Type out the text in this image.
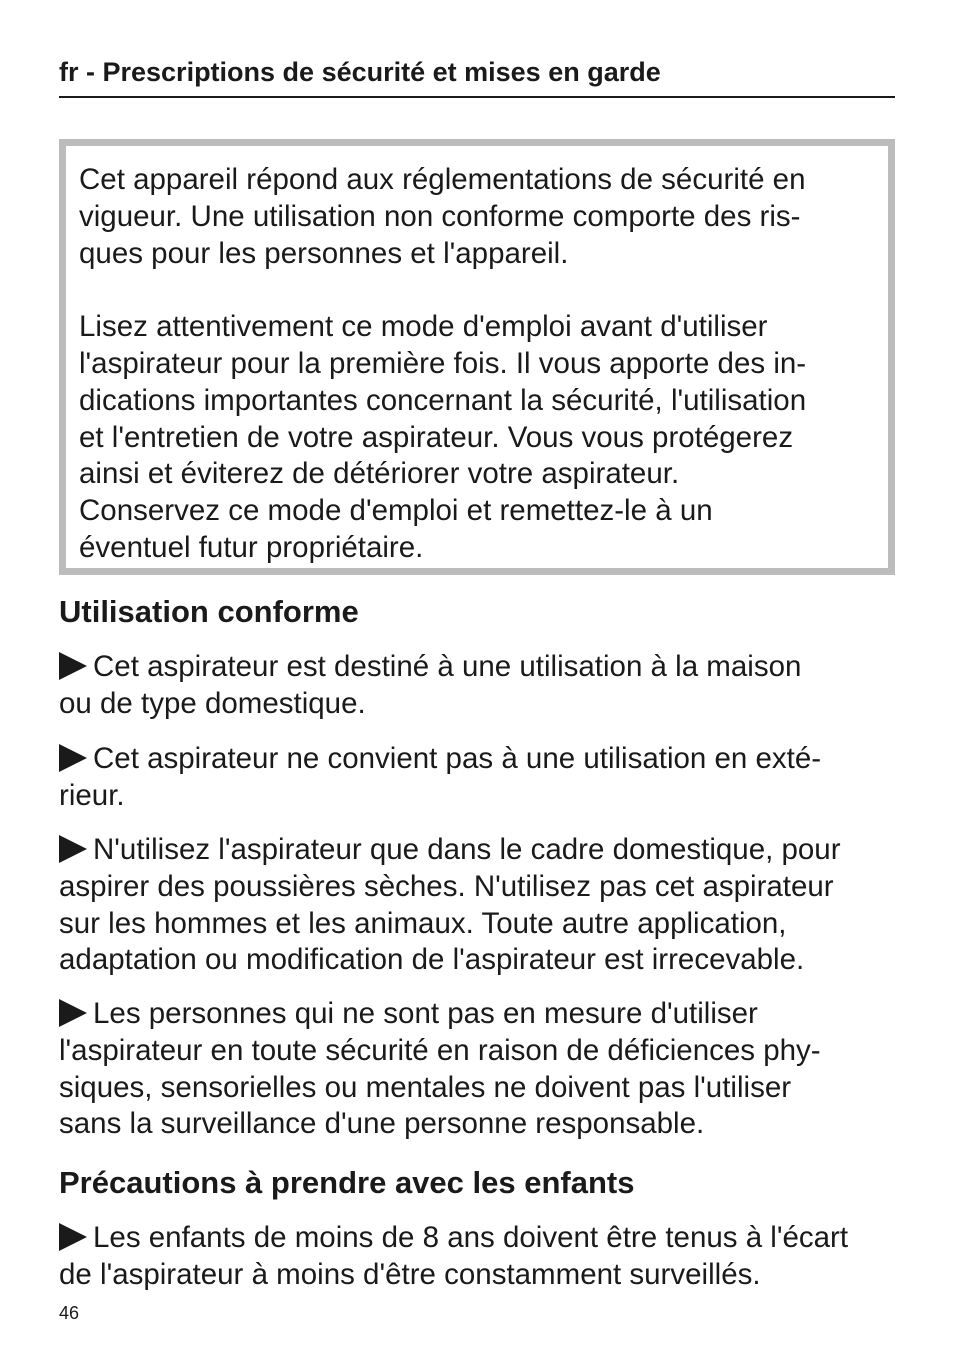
fr - Prescriptions de sécurité et mises en garde

Cet appareil répond aux réglementations de sécurité en
vigueur. Une utilisation non conforme comporte des ris-
ques pour les personnes et l'appareil.

Lisez attentivement ce mode d'emploi avant d'utiliser
l'aspirateur pour la première fois. Il vous apporte des in-
dications importantes concernant la sécurité, l'utilisation
et l'entretien de votre aspirateur. Vous vous protégerez
ainsi et éviterez de détériorer votre aspirateur.
Conservez ce mode d'emploi et remettez-le à un
éventuel futur propriétaire.

Utilisation conforme
Cet aspirateur est destiné à une utilisation à la maison
ou de type domestique.
Cet aspirateur ne convient pas à une utilisation en exté-
rieur.
N'utilisez l'aspirateur que dans le cadre domestique, pour
aspirer des poussières sèches. N'utilisez pas cet aspirateur
sur les hommes et les animaux. Toute autre application,
adaptation ou modification de l'aspirateur est irrecevable.
Les personnes qui ne sont pas en mesure d'utiliser
l'aspirateur en toute sécurité en raison de déficiences phy-
siques, sensorielles ou mentales ne doivent pas l'utiliser
sans la surveillance d'une personne responsable.
Précautions à prendre avec les enfants
Les enfants de moins de 8 ans doivent être tenus à l'écart
de l'aspirateur à moins d'être constamment surveillés.
46
